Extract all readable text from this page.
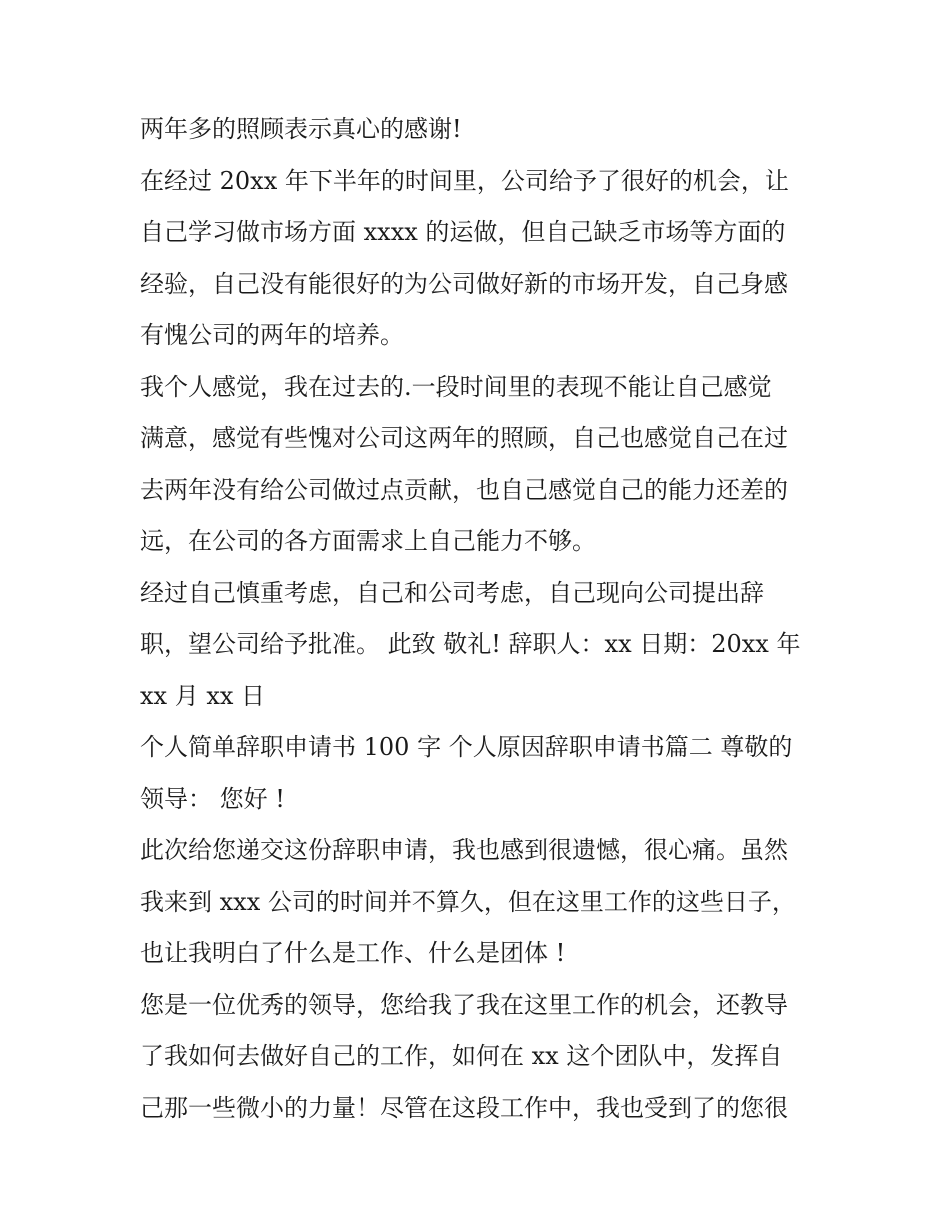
两年多的照顾表示真心的感谢!
在经过 20xx 年下半年的时间里，公司给予了很好的机会，让
自己学习做市场方面 xxxx 的运做，但自己缺乏市场等方面的
经验，自己没有能很好的为公司做好新的市场开发，自己身感
有愧公司的两年的培养。
我个人感觉，我在过去的.一段时间里的表现不能让自己感觉
满意，感觉有些愧对公司这两年的照顾，自己也感觉自己在过
去两年没有给公司做过点贡献，也自己感觉自己的能力还差的
远，在公司的各方面需求上自己能力不够。
经过自己慎重考虑，自己和公司考虑，自己现向公司提出辞
职，望公司给予批准。 此致 敬礼! 辞职人：xx 日期：20xx 年
xx 月 xx 日
个人简单辞职申请书 100 字 个人原因辞职申请书篇二 尊敬的
领导： 您好 !
此次给您递交这份辞职申请，我也感到很遗憾，很心痛。虽然
我来到 xxx 公司的时间并不算久，但在这里工作的这些日子，
也让我明白了什么是工作、什么是团体 !
您是一位优秀的领导，您给我了我在这里工作的机会，还教导
了我如何去做好自己的工作，如何在 xx 这个团队中，发挥自
己那一些微小的力量！尽管在这段工作中，我也受到了的您很
